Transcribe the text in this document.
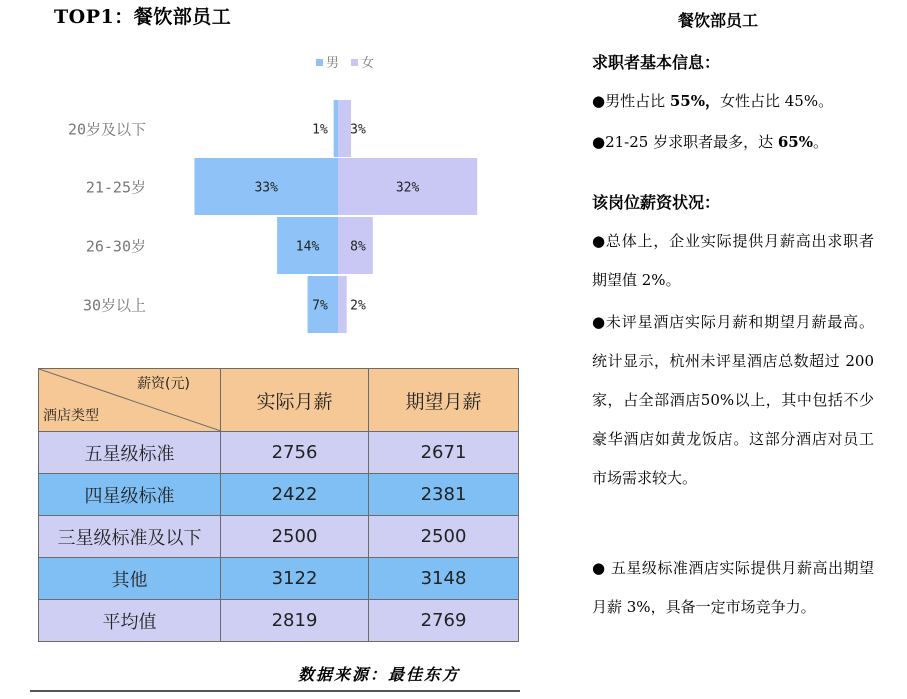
TOP1：餐饮部员工
男 女
20岁及以下
21-25岁
26-30岁
30岁以上
1% 3%
33%	32%
14% 8%
7% 2%
薪资(元)
酒店类型	实际月薪	期望月薪
五星级标准	2756	2671
四星级标准	2422	2381
三星级标准及以下	2500	2500
其他	3122	3148
平均值	2819	2769
数据来源：最佳东方
餐饮部员工
求职者基本信息：

●男性占比 55%，女性占比 45%。

●21-25 岁求职者最多，达 65%。

该岗位薪资状况：

●总体上，企业实际提供月薪高出求职者期望值 2%。

●未评星酒店实际月薪和期望月薪最高。统计显示，杭州未评星酒店总数超过 200 家，占全部酒店50%以上，其中包括不少豪华酒店如黄龙饭店。这部分酒店对员工市场需求较大。

● 五星级标准酒店实际提供月薪高出期望月薪 3%，具备一定市场竞争力。
